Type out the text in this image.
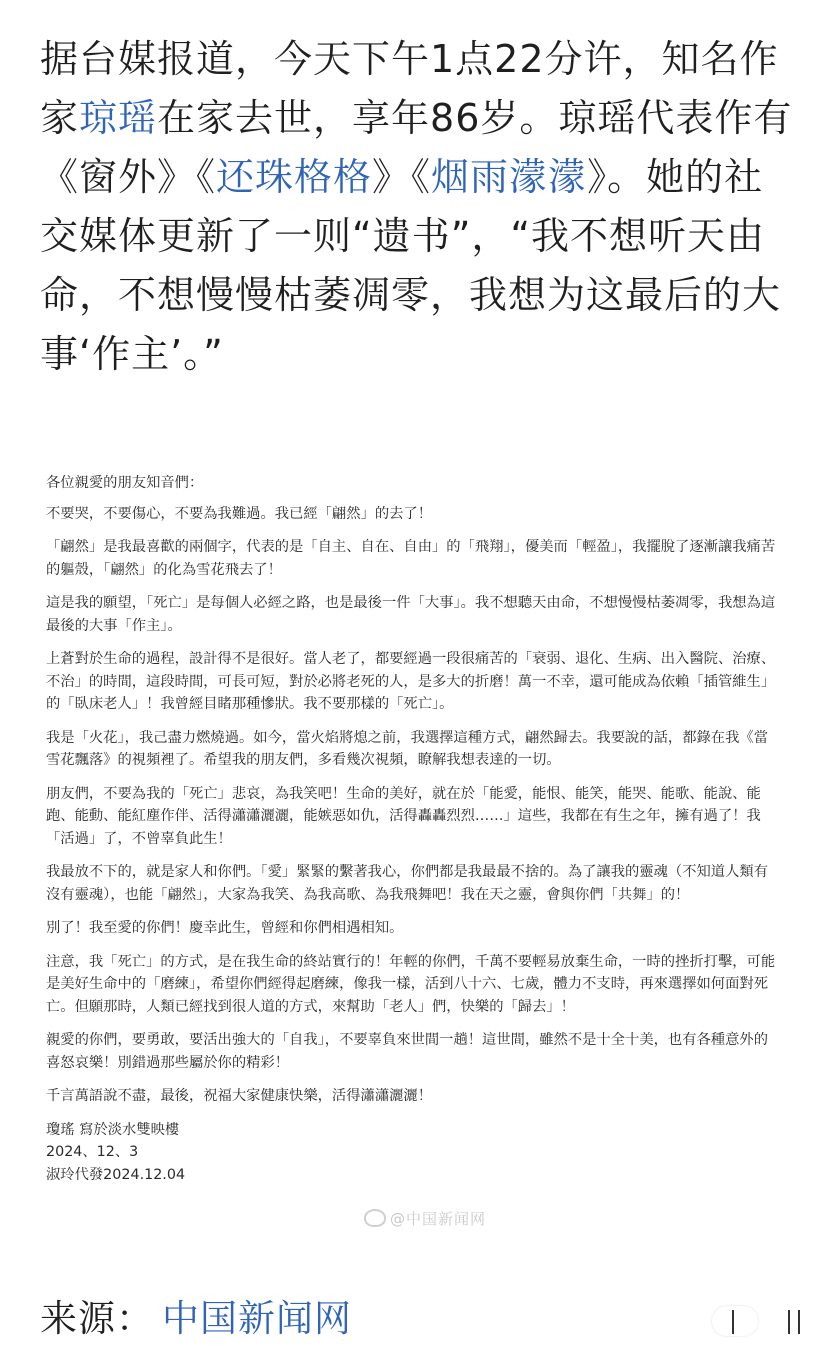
据台媒报道，今天下午1点22分许，知名作家琼瑶在家去世，享年86岁。琼瑶代表作有《窗外》《还珠格格》《烟雨濛濛》。她的社交媒体更新了一则“遗书”，“我不想听天由命，不想慢慢枯萎凋零，我想为这最后的大事‘作主’。”

各位親愛的朋友知音們：

不要哭，不要傷心，不要為我難過。我已經「翩然」的去了！

「翩然」是我最喜歡的兩個字，代表的是「自主、自在、自由」的「飛翔」，優美而「輕盈」，我擺脫了逐漸讓我痛苦的軀殼，「翩然」的化為雪花飛去了！

這是我的願望，「死亡」是每個人必經之路，也是最後一件「大事」。我不想聽天由命，不想慢慢枯萎凋零，我想為這最後的大事「作主」。

上蒼對於生命的過程，設計得不是很好。當人老了，都要經過一段很痛苦的「衰弱、退化、生病、出入醫院、治療、不治」的時間，這段時間，可長可短，對於必將老死的人，是多大的折磨！萬一不幸，還可能成為依賴「插管維生」的「臥床老人」！我曾經目睹那種慘狀。我不要那樣的「死亡」。

我是「火花」，我己盡力燃燒過。如今，當火焰將熄之前，我選擇這種方式，翩然歸去。我要說的話，都錄在我《當雪花飄落》的視頻裡了。希望我的朋友們，多看幾次視頻，瞭解我想表達的一切。

朋友們，不要為我的「死亡」悲哀，為我笑吧！生命的美好，就在於「能愛，能恨、能笑，能哭、能歌、能說、能跑、能動、能紅塵作伴、活得瀟瀟灑灑，能嫉惡如仇，活得轟轟烈烈……」這些，我都在有生之年，擁有過了！我「活過」了，不曾辜負此生！

我最放不下的，就是家人和你們。「愛」緊緊的繫著我心，你們都是我最最不捨的。為了讓我的靈魂（不知道人類有沒有靈魂），也能「翩然」，大家為我笑、為我高歌、為我飛舞吧！我在天之靈，會與你們「共舞」的！

別了！我至愛的你們！慶幸此生，曾經和你們相遇相知。

注意，我「死亡」的方式，是在我生命的終站實行的！年輕的你們，千萬不要輕易放棄生命，一時的挫折打擊，可能是美好生命中的「磨練」，希望你們經得起磨練，像我一樣，活到八十六、七歲，體力不支時，再來選擇如何面對死亡。但願那時，人類已經找到很人道的方式，來幫助「老人」們，快樂的「歸去」！

親愛的你們，要勇敢，要活出強大的「自我」，不要辜負來世間一趟！這世間，雖然不是十全十美，也有各種意外的喜怒哀樂！別錯過那些屬於你的精彩！

千言萬語說不盡，最後，祝福大家健康快樂，活得瀟瀟灑灑！

瓊瑤 寫於淡水雙映樓
2024、12、3
淑玲代發2024.12.04
@中国新闻网
来源： 中国新闻网
